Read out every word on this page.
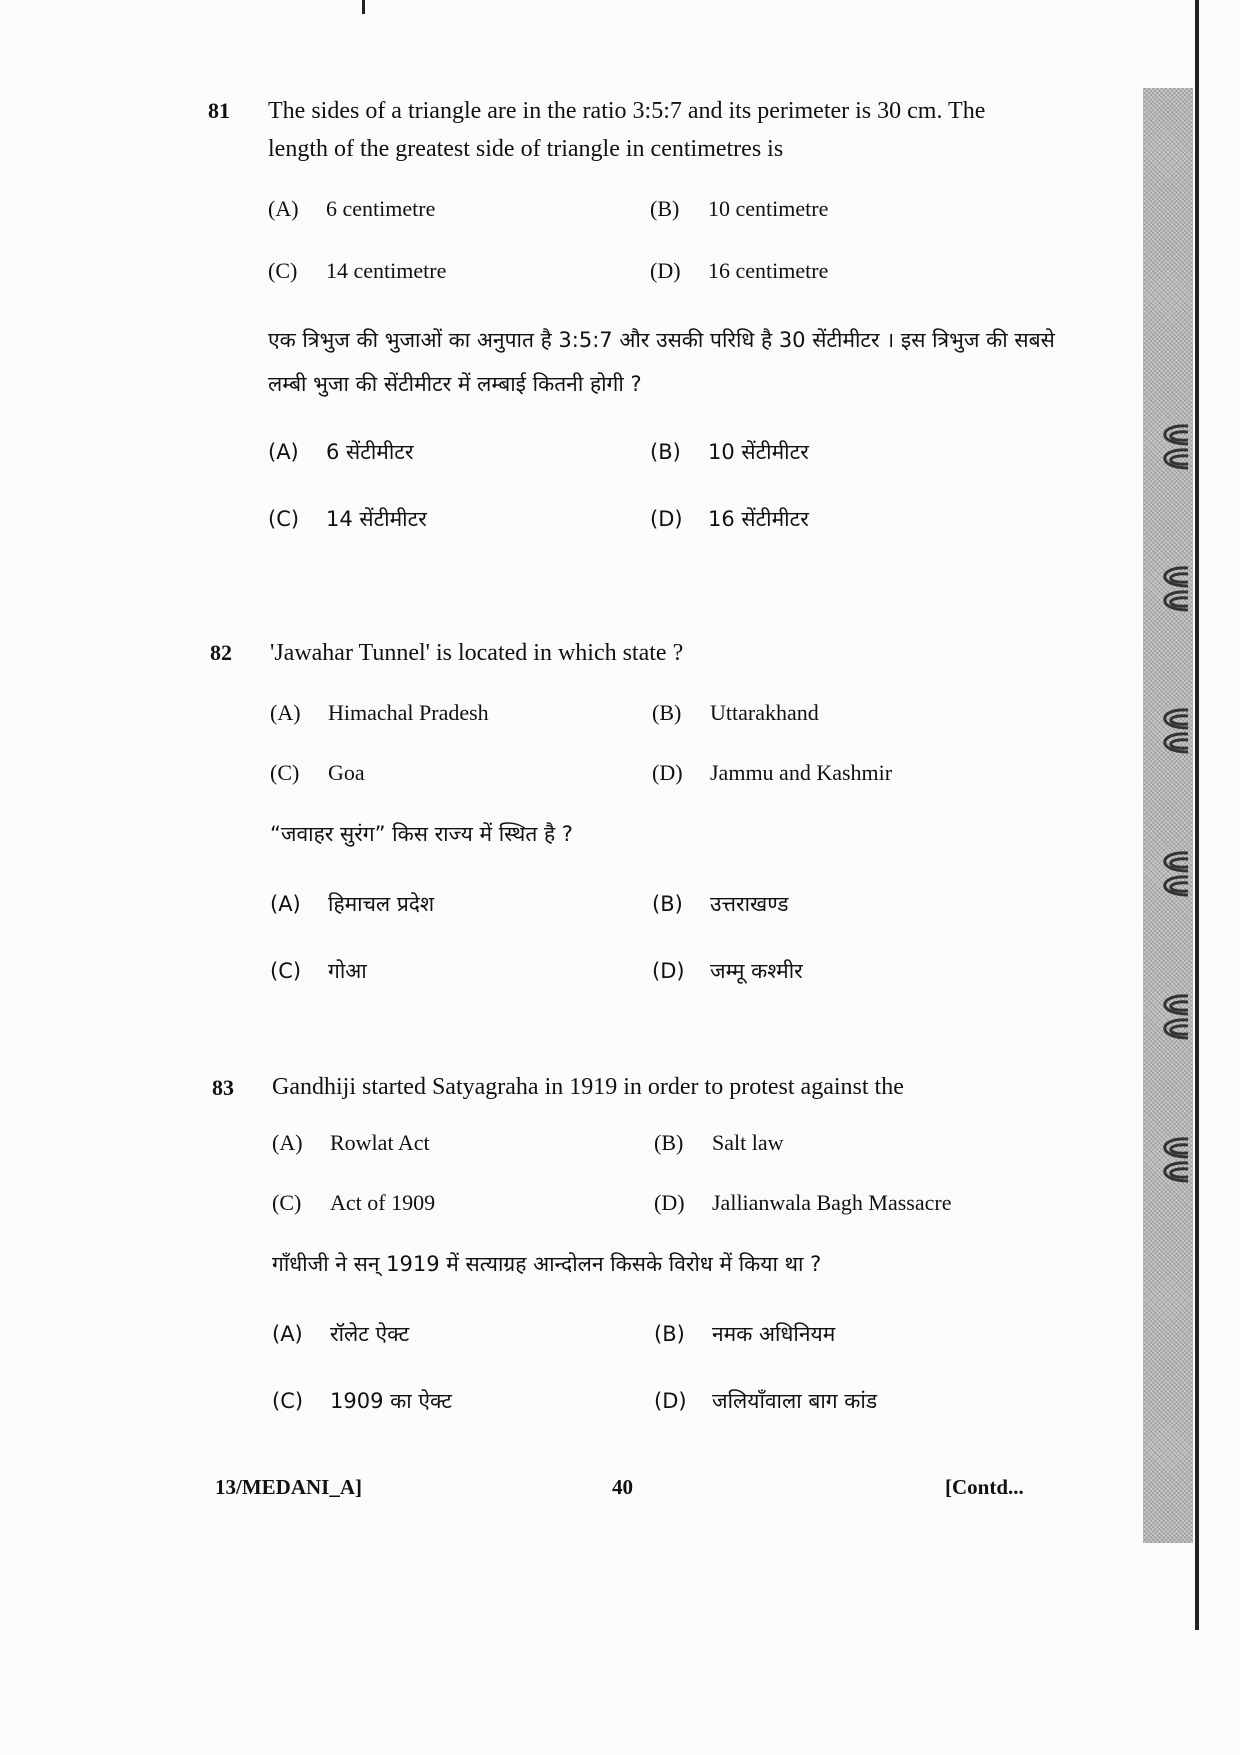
81 The sides of a triangle are in the ratio 3:5:7 and its perimeter is 30 cm. The length of the greatest side of triangle in centimetres is
(A) 6 centimetre	(B) 10 centimetre
(C) 14 centimetre	(D) 16 centimetre
एक त्रिभुज की भुजाओं का अनुपात है 3:5:7 और उसकी परिधि है 30 सेंटीमीटर । इस त्रिभुज की सबसे लम्बी भुजा की सेंटीमीटर में लम्बाई कितनी होगी ?
(A) 6 सेंटीमीटर	(B) 10 सेंटीमीटर
(C) 14 सेंटीमीटर	(D) 16 सेंटीमीटर
82 'Jawahar Tunnel' is located in which state ?
(A) Himachal Pradesh	(B) Uttarakhand
(C) Goa	(D) Jammu and Kashmir
“जवाहर सुरंग” किस राज्य में स्थित है ?
(A) हिमाचल प्रदेश	(B) उत्तराखण्ड
(C) गोआ	(D) जम्मू कश्मीर
83 Gandhiji started Satyagraha in 1919 in order to protest against the
(A) Rowlat Act	(B) Salt law
(C) Act of 1909	(D) Jallianwala Bagh Massacre
गाँधीजी ने सन् 1919 में सत्याग्रह आन्दोलन किसके विरोध में किया था ?
(A) रॉलेट ऐक्ट	(B) नमक अधिनियम
(C) 1909 का ऐक्ट	(D) जलियाँवाला बाग कांड
13/MEDANI_A]	40	[Contd...
